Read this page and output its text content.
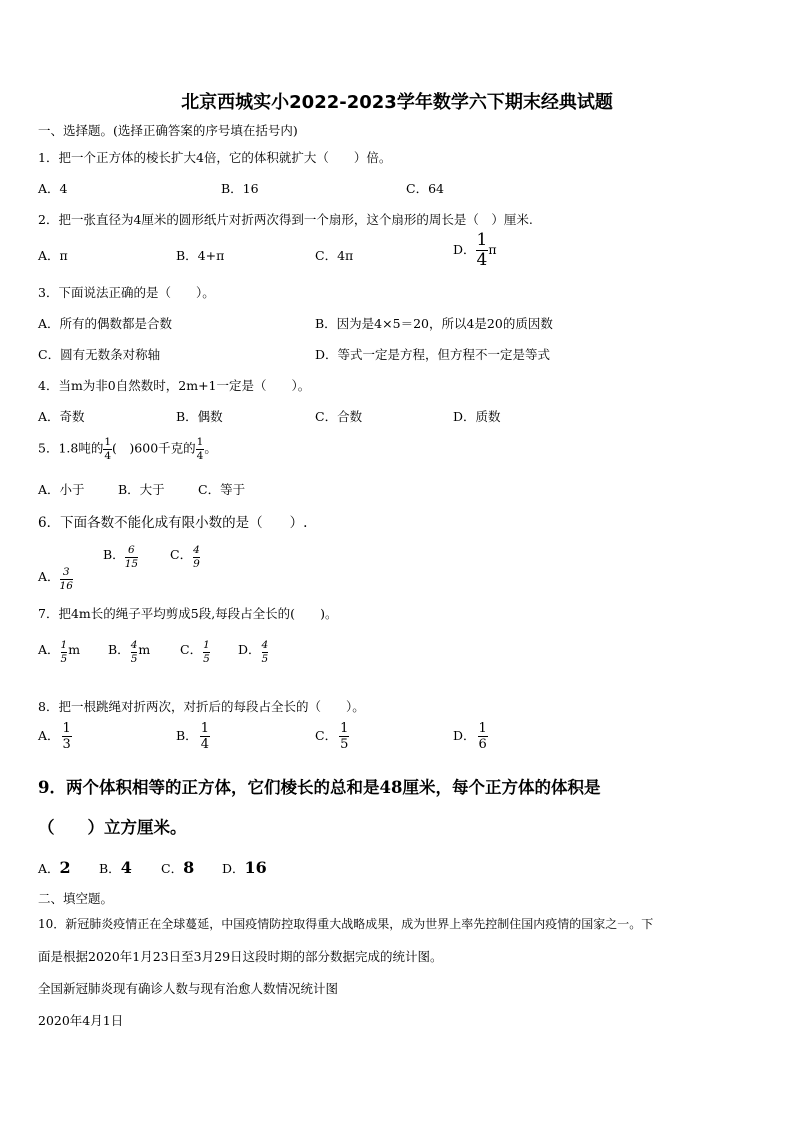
北京西城实小2022-2023学年数学六下期末经典试题
一、选择题。(选择正确答案的序号填在括号内)
1．把一个正方体的棱长扩大4倍，它的体积就扩大（　　）倍。
A．4	B．16	C．64
2．把一张直径为4厘米的圆形纸片对折两次得到一个扇形，这个扇形的周长是（　）厘米.
A．π	B．4+π	C．4π	D． $\frac{1}{4}$ π
3．下面说法正确的是（　　）。
A．所有的偶数都是合数	B．因为是4×5＝20，所以4是20的质因数
C．圆有无数条对称轴	D．等式一定是方程，但方程不一定是等式
4．当m为非0自然数时，2m+1一定是（　　）。
A．奇数	B．偶数	C．合数	D．质数
5．1.8吨的 $\frac{1}{4}$ (　)600千克的 $\frac{1}{4}$ 。
A．小于	B．大于	C．等于
6．下面各数不能化成有限小数的是（　　）.
A． $\frac{3}{16}$
B． $\frac{6}{15}$	C． $\frac{4}{9}$
7．把4m长的绳子平均剪成5段,每段占全长的(　　)。
A． $\frac{1}{5}$ m B． $\frac{4}{5}$ m C． $\frac{1}{5}$ D． $\frac{4}{5}$
8．把一根跳绳对折两次，对折后的每段占全长的（　　）。
A． $\frac{1}{3}$	B． $\frac{1}{4}$	C． $\frac{1}{5}$	D． $\frac{1}{6}$
9．两个体积相等的正方体，它们棱长的总和是48厘米，每个正方体的体积是
（　　）立方厘米。
A．2 B．4 C．8 D．16
二、填空题。
10．新冠肺炎疫情正在全球蔓延，中国疫情防控取得重大战略成果，成为世界上率先控制住国内疫情的国家之一。下
面是根据2020年1月23日至3月29日这段时期的部分数据完成的统计图。
全国新冠肺炎现有确诊人数与现有治愈人数情况统计图
2020年4月1日
